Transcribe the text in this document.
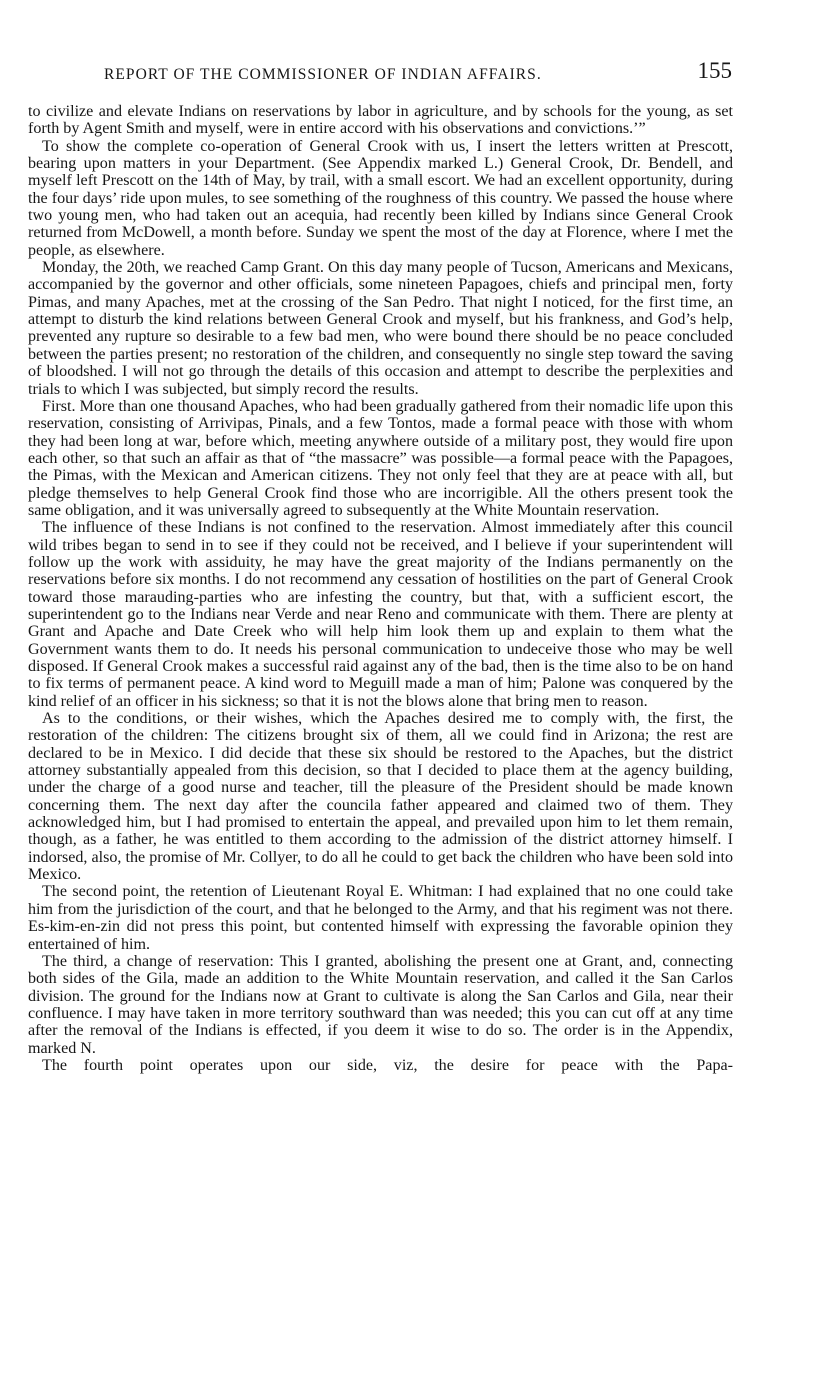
REPORT OF THE COMMISSIONER OF INDIAN AFFAIRS.	155

to civilize and elevate Indians on reservations by labor in agriculture, and by schools for the young, as set forth by Agent Smith and myself, were in entire accord with his observations and convictions.’”

To show the complete co-operation of General Crook with us, I insert the letters written at Prescott, bearing upon matters in your Department. (See Appendix marked L.) General Crook, Dr. Bendell, and myself left Prescott on the 14th of May, by trail, with a small escort. We had an excellent opportunity, during the four days’ ride upon mules, to see something of the roughness of this country. We passed the house where two young men, who had taken out an acequia, had recently been killed by Indians since General Crook returned from McDowell, a month before. Sunday we spent the most of the day at Florence, where I met the people, as elsewhere.

Monday, the 20th, we reached Camp Grant. On this day many people of Tucson, Americans and Mexicans, accompanied by the governor and other officials, some nineteen Papagoes, chiefs and principal men, forty Pimas, and many Apaches, met at the crossing of the San Pedro. That night I noticed, for the first time, an attempt to disturb the kind relations between General Crook and myself, but his frankness, and God’s help, prevented any rupture so desirable to a few bad men, who were bound there should be no peace concluded between the parties present; no restoration of the children, and consequently no single step toward the saving of bloodshed. I will not go through the details of this occasion and attempt to describe the perplexities and trials to which I was subjected, but simply record the results.

First. More than one thousand Apaches, who had been gradually gathered from their nomadic life upon this reservation, consisting of Arrivipas, Pinals, and a few Tontos, made a formal peace with those with whom they had been long at war, before which, meeting anywhere outside of a military post, they would fire upon each other, so that such an affair as that of “the massacre” was possible—a formal peace with the Papagoes, the Pimas, with the Mexican and American citizens. They not only feel that they are at peace with all, but pledge themselves to help General Crook find those who are incorrigible. All the others present took the same obligation, and it was universally agreed to subsequently at the White Mountain reservation.

The influence of these Indians is not confined to the reservation. Almost immediately after this council wild tribes began to send in to see if they could not be received, and I believe if your superintendent will follow up the work with assiduity, he may have the great majority of the Indians permanently on the reservations before six months. I do not recommend any cessation of hostilities on the part of General Crook toward those marauding-parties who are infesting the country, but that, with a sufficient escort, the superintendent go to the Indians near Verde and near Reno and communicate with them. There are plenty at Grant and Apache and Date Creek who will help him look them up and explain to them what the Government wants them to do. It needs his personal communication to undeceive those who may be well disposed. If General Crook makes a successful raid against any of the bad, then is the time also to be on hand to fix terms of permanent peace. A kind word to Meguill made a man of him; Palone was conquered by the kind relief of an officer in his sickness; so that it is not the blows alone that bring men to reason.

As to the conditions, or their wishes, which the Apaches desired me to comply with, the first, the restoration of the children: The citizens brought six of them, all we could find in Arizona; the rest are declared to be in Mexico. I did decide that these six should be restored to the Apaches, but the district attorney substantially appealed from this decision, so that I decided to place them at the agency building, under the charge of a good nurse and teacher, till the pleasure of the President should be made known concerning them. The next day after the councila father appeared and claimed two of them. They acknowledged him, but I had promised to entertain the appeal, and prevailed upon him to let them remain, though, as a father, he was entitled to them according to the admission of the district attorney himself. I indorsed, also, the promise of Mr. Collyer, to do all he could to get back the children who have been sold into Mexico.

The second point, the retention of Lieutenant Royal E. Whitman: I had explained that no one could take him from the jurisdiction of the court, and that he belonged to the Army, and that his regiment was not there. Es-kim-en-zin did not press this point, but contented himself with expressing the favorable opinion they entertained of him.

The third, a change of reservation: This I granted, abolishing the present one at Grant, and, connecting both sides of the Gila, made an addition to the White Mountain reservation, and called it the San Carlos division. The ground for the Indians now at Grant to cultivate is along the San Carlos and Gila, near their confluence. I may have taken in more territory southward than was needed; this you can cut off at any time after the removal of the Indians is effected, if you deem it wise to do so. The order is in the Appendix, marked N.

The fourth point operates upon our side, viz, the desire for peace with the Papa-
